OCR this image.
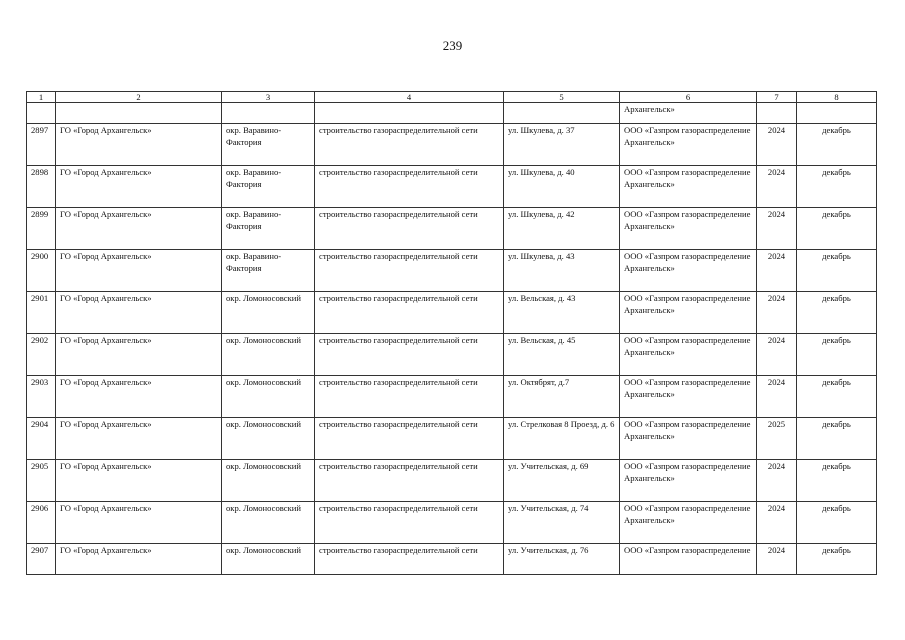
239
1	2	3	4	5	6	7	8
					Архангельск»		
2897	ГО «Город Архангельск»	окр. Варавино-Фактория	строительство газораспределительной сети	ул. Шкулева, д. 37	ООО «Газпром газораспределение Архангельск»	2024	декабрь
2898	ГО «Город Архангельск»	окр. Варавино-Фактория	строительство газораспределительной сети	ул. Шкулева, д. 40	ООО «Газпром газораспределение Архангельск»	2024	декабрь
2899	ГО «Город Архангельск»	окр. Варавино-Фактория	строительство газораспределительной сети	ул. Шкулева, д. 42	ООО «Газпром газораспределение Архангельск»	2024	декабрь
2900	ГО «Город Архангельск»	окр. Варавино-Фактория	строительство газораспределительной сети	ул. Шкулева, д. 43	ООО «Газпром газораспределение Архангельск»	2024	декабрь
2901	ГО «Город Архангельск»	окр. Ломоносовский	строительство газораспределительной сети	ул. Вельская, д. 43	ООО «Газпром газораспределение Архангельск»	2024	декабрь
2902	ГО «Город Архангельск»	окр. Ломоносовский	строительство газораспределительной сети	ул. Вельская, д. 45	ООО «Газпром газораспределение Архангельск»	2024	декабрь
2903	ГО «Город Архангельск»	окр. Ломоносовский	строительство газораспределительной сети	ул. Октябрят, д.7	ООО «Газпром газораспределение Архангельск»	2024	декабрь
2904	ГО «Город Архангельск»	окр. Ломоносовский	строительство газораспределительной сети	ул. Стрелковая 8 Проезд, д. 6	ООО «Газпром газораспределение Архангельск»	2025	декабрь
2905	ГО «Город Архангельск»	окр. Ломоносовский	строительство газораспределительной сети	ул. Учительская, д. 69	ООО «Газпром газораспределение Архангельск»	2024	декабрь
2906	ГО «Город Архангельск»	окр. Ломоносовский	строительство газораспределительной сети	ул. Учительская, д. 74	ООО «Газпром газораспределение Архангельск»	2024	декабрь
2907	ГО «Город Архангельск»	окр. Ломоносовский	строительство газораспределительной сети	ул. Учительская, д. 76	ООО «Газпром газораспределение	2024	декабрь
